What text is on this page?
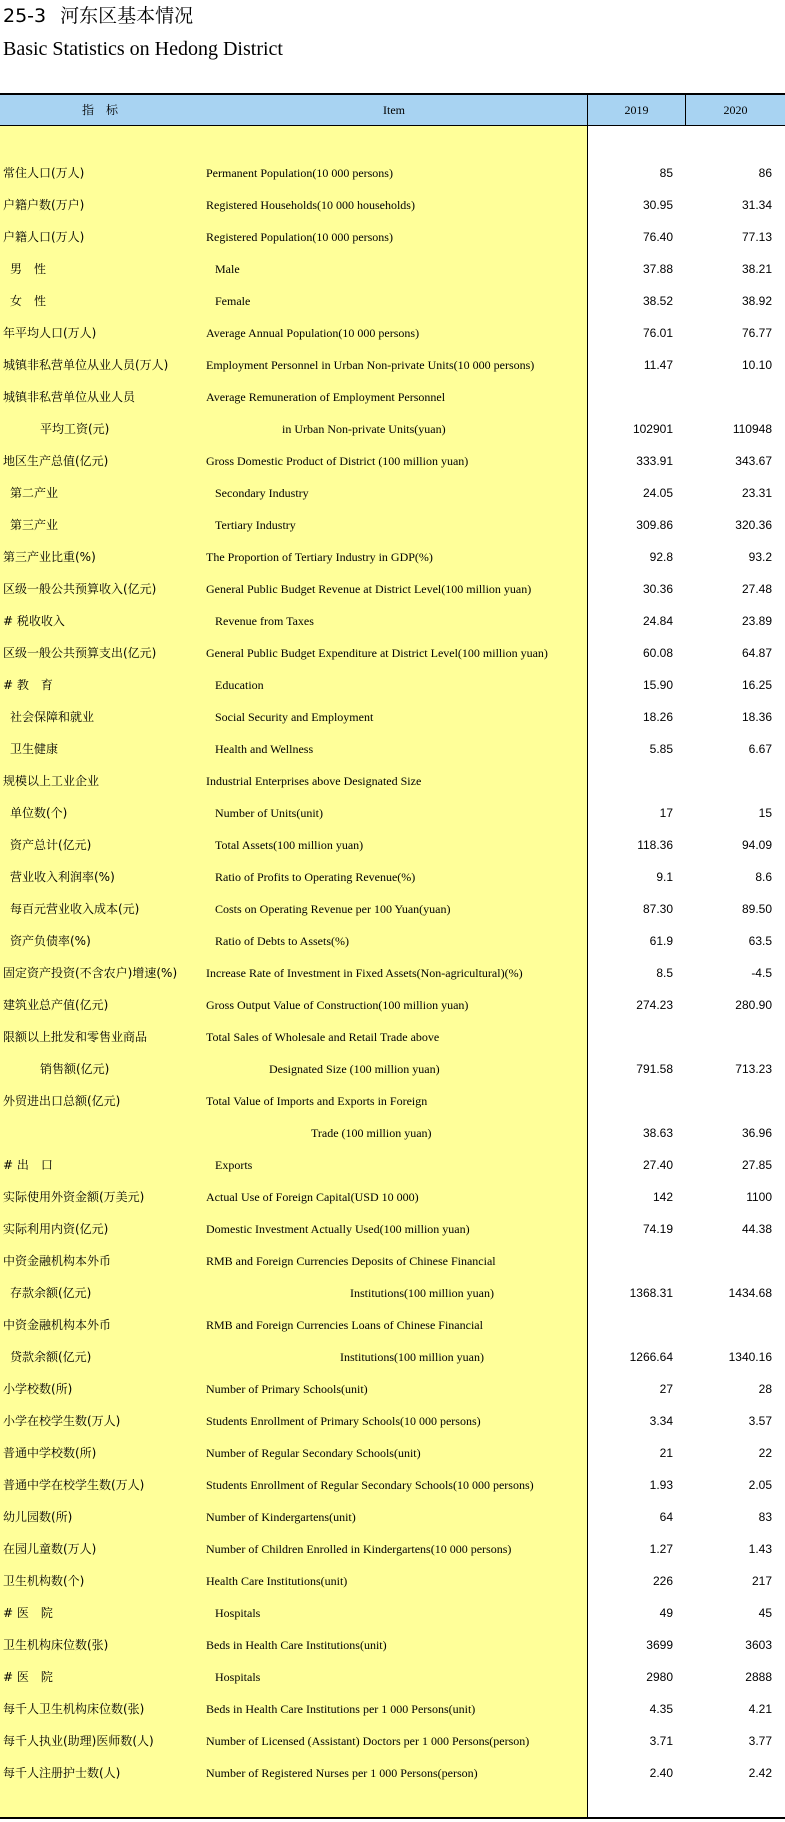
25-3 河东区基本情况
Basic Statistics on Hedong District
指　标	Item	2019	2020
常住人口(万人)	Permanent Population(10 000 persons)	85	86
户籍户数(万户)	Registered Households(10 000 households)	30.95	31.34
户籍人口(万人)	Registered Population(10 000 persons)	76.40	77.13
男　性	Male	37.88	38.21
女　性	Female	38.52	38.92
年平均人口(万人)	Average Annual Population(10 000 persons)	76.01	76.77
城镇非私营单位从业人员(万人)	Employment Personnel in Urban Non-private Units(10 000 persons)	11.47	10.10
城镇非私营单位从业人员	Average Remuneration of Employment Personnel
平均工资(元)	in Urban Non-private Units(yuan)	102901	110948
地区生产总值(亿元)	Gross Domestic Product of District (100 million yuan)	333.91	343.67
第二产业	Secondary Industry	24.05	23.31
第三产业	Tertiary Industry	309.86	320.36
第三产业比重(%)	The Proportion of Tertiary Industry in GDP(%)	92.8	93.2
区级一般公共预算收入(亿元)	General Public Budget Revenue at District Level(100 million yuan)	30.36	27.48
# 税收收入	Revenue from Taxes	24.84	23.89
区级一般公共预算支出(亿元)	General Public Budget Expenditure at District Level(100 million yuan)	60.08	64.87
# 教　育	Education	15.90	16.25
社会保障和就业	Social Security and Employment	18.26	18.36
卫生健康	Health and Wellness	5.85	6.67
规模以上工业企业	Industrial Enterprises above Designated Size
单位数(个)	Number of Units(unit)	17	15
资产总计(亿元)	Total Assets(100 million yuan)	118.36	94.09
营业收入利润率(%)	Ratio of Profits to Operating Revenue(%)	9.1	8.6
每百元营业收入成本(元)	Costs on Operating Revenue per 100 Yuan(yuan)	87.30	89.50
资产负债率(%)	Ratio of Debts to Assets(%)	61.9	63.5
固定资产投资(不含农户)增速(%) Increase Rate of Investment in Fixed Assets(Non-agricultural)(%)	8.5	-4.5
建筑业总产值(亿元)	Gross Output Value of Construction(100 million yuan)	274.23	280.90
限额以上批发和零售业商品	Total Sales of Wholesale and Retail Trade above
销售额(亿元)	Designated Size (100 million yuan)	791.58	713.23
外贸进出口总额(亿元)	Total Value of Imports and Exports in Foreign
Trade (100 million yuan)	38.63	36.96
# 出　口	Exports	27.40	27.85
实际使用外资金额(万美元)	Actual Use of Foreign Capital(USD 10 000)	142	1100
实际利用内资(亿元)	Domestic Investment Actually Used(100 million yuan)	74.19	44.38
中资金融机构本外币	RMB and Foreign Currencies Deposits of Chinese Financial
存款余额(亿元)	Institutions(100 million yuan)	1368.31	1434.68
中资金融机构本外币	RMB and Foreign Currencies Loans of Chinese Financial
贷款余额(亿元)	Institutions(100 million yuan)	1266.64	1340.16
小学校数(所)	Number of Primary Schools(unit)	27	28
小学在校学生数(万人)	Students Enrollment of Primary Schools(10 000 persons)	3.34	3.57
普通中学校数(所)	Number of Regular Secondary Schools(unit)	21	22
普通中学在校学生数(万人)	Students Enrollment of Regular Secondary Schools(10 000 persons)	1.93	2.05
幼儿园数(所)	Number of Kindergartens(unit)	64	83
在园儿童数(万人)	Number of Children Enrolled in Kindergartens(10 000 persons)	1.27	1.43
卫生机构数(个)	Health Care Institutions(unit)	226	217
# 医　院	Hospitals	49	45
卫生机构床位数(张)	Beds in Health Care Institutions(unit)	3699	3603
# 医　院	Hospitals	2980	2888
每千人卫生机构床位数(张)	Beds in Health Care Institutions per 1 000 Persons(unit)	4.35	4.21
每千人执业(助理)医师数(人)	Number of Licensed (Assistant) Doctors per 1 000 Persons(person)	3.71	3.77
每千人注册护士数(人)	Number of Registered Nurses per 1 000 Persons(person)	2.40	2.42
